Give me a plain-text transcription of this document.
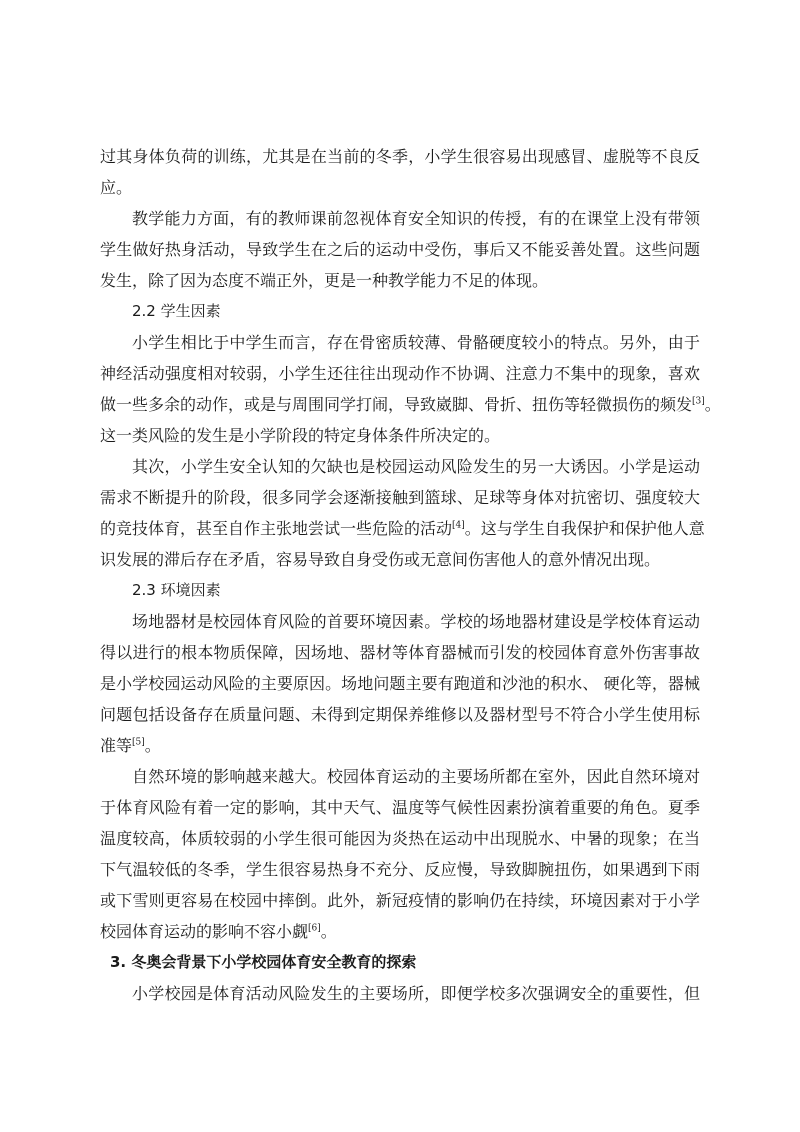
过其身体负荷的训练，尤其是在当前的冬季，小学生很容易出现感冒、虚脱等不良反
应。
教学能力方面，有的教师课前忽视体育安全知识的传授，有的在课堂上没有带领
学生做好热身活动，导致学生在之后的运动中受伤，事后又不能妥善处置。这些问题
发生，除了因为态度不端正外，更是一种教学能力不足的体现。
2.2 学生因素
小学生相比于中学生而言，存在骨密质较薄、骨骼硬度较小的特点。另外，由于
神经活动强度相对较弱，小学生还往往出现动作不协调、注意力不集中的现象，喜欢
做一些多余的动作，或是与周围同学打闹，导致崴脚、骨折、扭伤等轻微损伤的频发[3]。
这一类风险的发生是小学阶段的特定身体条件所决定的。
其次，小学生安全认知的欠缺也是校园运动风险发生的另一大诱因。小学是运动
需求不断提升的阶段，很多同学会逐渐接触到篮球、足球等身体对抗密切、强度较大
的竞技体育，甚至自作主张地尝试一些危险的活动[4]。这与学生自我保护和保护他人意
识发展的滞后存在矛盾，容易导致自身受伤或无意间伤害他人的意外情况出现。
2.3 环境因素
场地器材是校园体育风险的首要环境因素。学校的场地器材建设是学校体育运动
得以进行的根本物质保障，因场地、器材等体育器械而引发的校园体育意外伤害事故
是小学校园运动风险的主要原因。场地问题主要有跑道和沙池的积水、 硬化等，器械
问题包括设备存在质量问题、未得到定期保养维修以及器材型号不符合小学生使用标
准等[5]。
自然环境的影响越来越大。校园体育运动的主要场所都在室外，因此自然环境对
于体育风险有着一定的影响，其中天气、温度等气候性因素扮演着重要的角色。夏季
温度较高，体质较弱的小学生很可能因为炎热在运动中出现脱水、中暑的现象；在当
下气温较低的冬季，学生很容易热身不充分、反应慢，导致脚腕扭伤，如果遇到下雨
或下雪则更容易在校园中摔倒。此外，新冠疫情的影响仍在持续，环境因素对于小学
校园体育运动的影响不容小觑[6]。
3. 冬奥会背景下小学校园体育安全教育的探索
小学校园是体育活动风险发生的主要场所，即便学校多次强调安全的重要性，但
